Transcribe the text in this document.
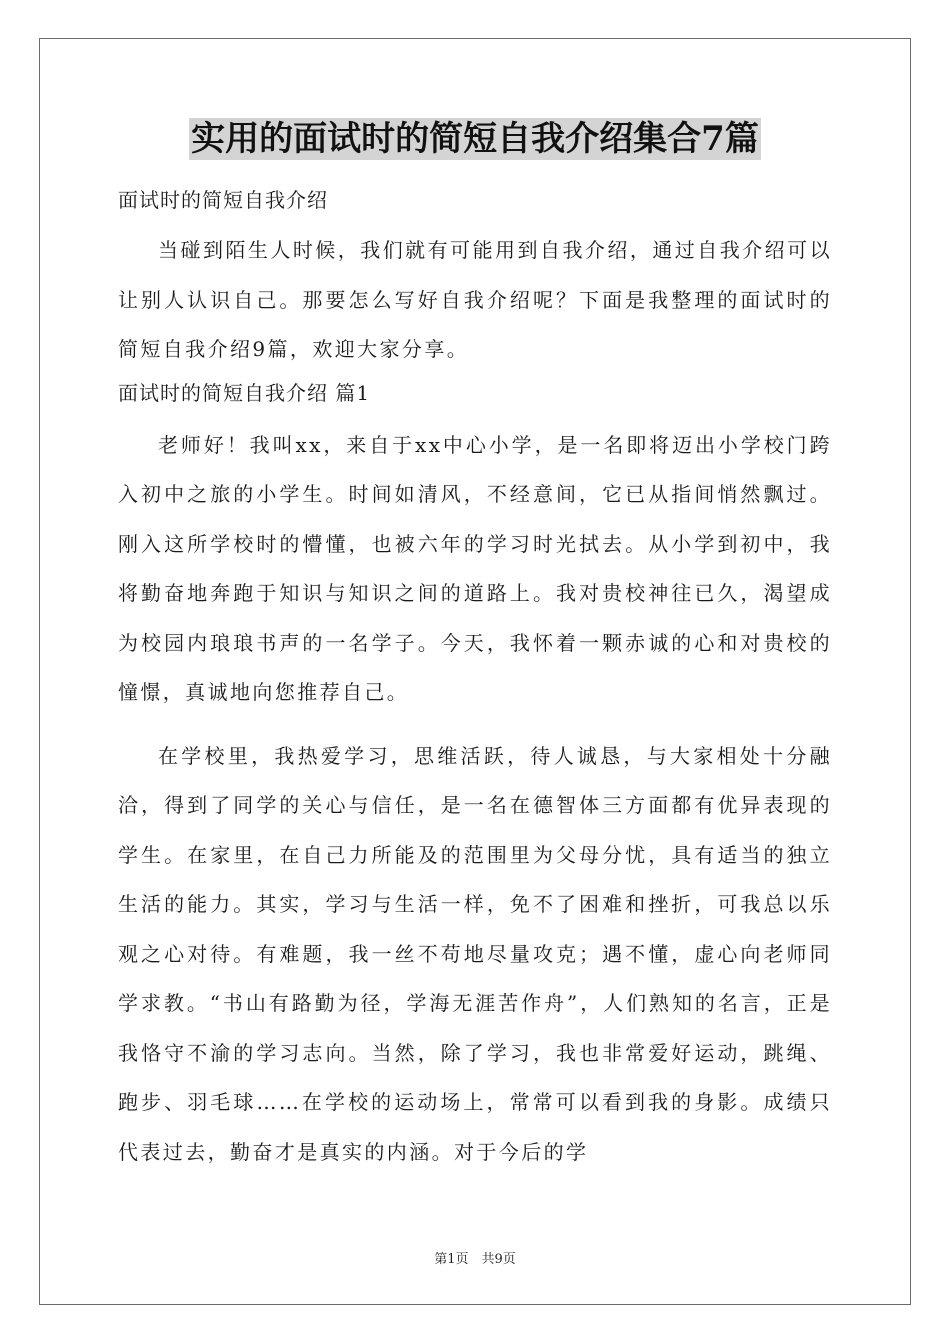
实用的面试时的简短自我介绍集合7篇

面试时的简短自我介绍

当碰到陌生人时候，我们就有可能用到自我介绍，通过自我介绍可以让别人认识自己。那要怎么写好自我介绍呢？下面是我整理的面试时的简短自我介绍9篇，欢迎大家分享。

面试时的简短自我介绍 篇1

老师好！我叫xx，来自于xx中心小学，是一名即将迈出小学校门跨入初中之旅的小学生。时间如清风，不经意间，它已从指间悄然飘过。刚入这所学校时的懵懂，也被六年的学习时光拭去。从小学到初中，我将勤奋地奔跑于知识与知识之间的道路上。我对贵校神往已久，渴望成为校园内琅琅书声的一名学子。今天，我怀着一颗赤诚的心和对贵校的憧憬，真诚地向您推荐自己。

在学校里，我热爱学习，思维活跃，待人诚恳，与大家相处十分融洽，得到了同学的关心与信任，是一名在德智体三方面都有优异表现的学生。在家里，在自己力所能及的范围里为父母分忧，具有适当的独立生活的能力。其实，学习与生活一样，免不了困难和挫折，可我总以乐观之心对待。有难题，我一丝不苟地尽量攻克；遇不懂，虚心向老师同学求教。“书山有路勤为径，学海无涯苦作舟”，人们熟知的名言，正是我恪守不渝的学习志向。当然，除了学习，我也非常爱好运动，跳绳、跑步、羽毛球……在学校的运动场上，常常可以看到我的身影。成绩只代表过去，勤奋才是真实的内涵。对于今后的学

第1页　共9页
